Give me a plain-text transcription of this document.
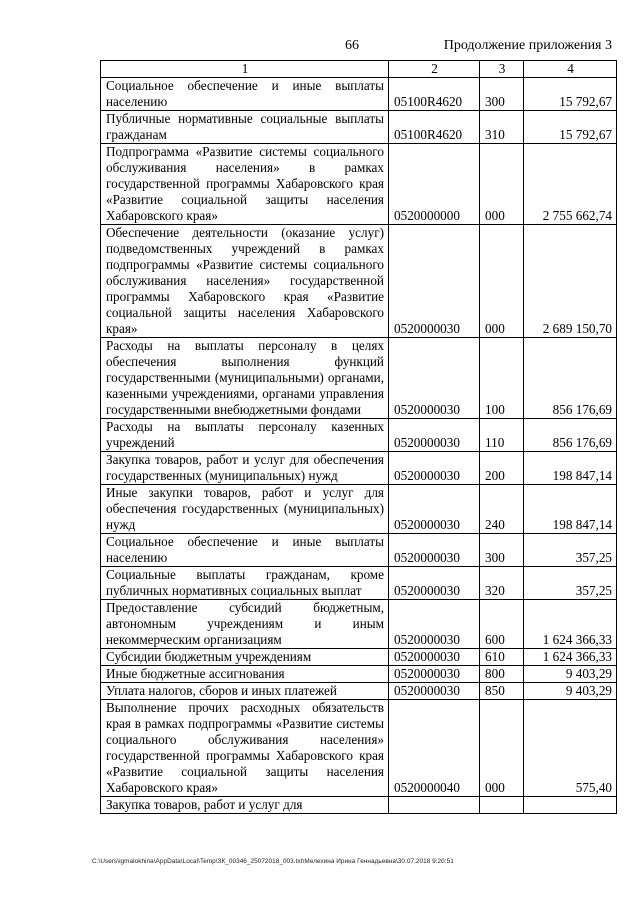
66	Продолжение приложения 3
1	2	3	4
Социальное обеспечение и иные выплаты населению	05100R4620	300	15 792,67
Публичные нормативные социальные выплаты гражданам	05100R4620	310	15 792,67
Подпрограмма «Развитие системы социального обслуживания населения» в рамках государственной программы Хабаровского края «Развитие социальной защиты населения Хабаровского края»	0520000000	000	2 755 662,74
Обеспечение деятельности (оказание услуг) подведомственных учреждений в рамках подпрограммы «Развитие системы социального обслуживания населения» государственной программы Хабаровского края «Развитие социальной защиты населения Хабаровского края»	0520000030	000	2 689 150,70
Расходы на выплаты персоналу в целях обеспечения выполнения функций государственными (муниципальными) органами, казенными учреждениями, органами управления государственными внебюджетными фондами	0520000030	100	856 176,69
Расходы на выплаты персоналу казенных учреждений	0520000030	110	856 176,69
Закупка товаров, работ и услуг для обеспечения государственных (муниципальных) нужд	0520000030	200	198 847,14
Иные закупки товаров, работ и услуг для обеспечения государственных (муниципальных) нужд	0520000030	240	198 847,14
Социальное обеспечение и иные выплаты населению	0520000030	300	357,25
Социальные выплаты гражданам, кроме публичных нормативных социальных выплат	0520000030	320	357,25
Предоставление субсидий бюджетным, автономным учреждениям и иным некоммерческим организациям	0520000030	600	1 624 366,33
Субсидии бюджетным учреждениям	0520000030	610	1 624 366,33
Иные бюджетные ассигнования	0520000030	800	9 403,29
Уплата налогов, сборов и иных платежей	0520000030	850	9 403,29
Выполнение прочих расходных обязательств края в рамках подпрограммы «Развитие системы социального обслуживания населения» государственной программы Хабаровского края «Развитие социальной защиты населения Хабаровского края»	0520000040	000	575,40
Закупка товаров, работ и услуг для			
C:\Users\igmalokhina\AppData\Local\Temp\ЗК_00346_25072018_003.txt\Мелехина Ирина Геннадьевна\30.07.2018 9:20:51
